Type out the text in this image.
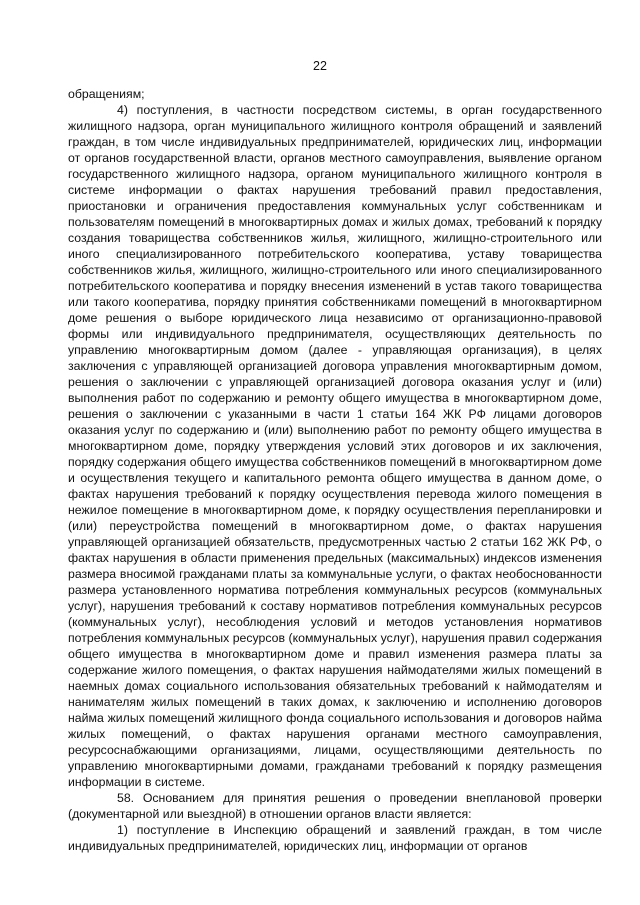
22

обращениям;

4) поступления, в частности посредством системы, в орган государственного жилищного надзора, орган муниципального жилищного контроля обращений и заявлений граждан, в том числе индивидуальных предпринимателей, юридических лиц, информации от органов государственной власти, органов местного самоуправления, выявление органом государственного жилищного надзора, органом муниципального жилищного контроля в системе информации о фактах нарушения требований правил предоставления, приостановки и ограничения предоставления коммунальных услуг собственникам и пользователям помещений в многоквартирных домах и жилых домах, требований к порядку создания товарищества собственников жилья, жилищного, жилищно-строительного или иного специализированного потребительского кооператива, уставу товарищества собственников жилья, жилищного, жилищно-строительного или иного специализированного потребительского кооператива и порядку внесения изменений в устав такого товарищества или такого кооператива, порядку принятия собственниками помещений в многоквартирном доме решения о выборе юридического лица независимо от организационно-правовой формы или индивидуального предпринимателя, осуществляющих деятельность по управлению многоквартирным домом (далее - управляющая организация), в целях заключения с управляющей организацией договора управления многоквартирным домом, решения о заключении с управляющей организацией договора оказания услуг и (или) выполнения работ по содержанию и ремонту общего имущества в многоквартирном доме, решения о заключении с указанными в части 1 статьи 164 ЖК РФ лицами договоров оказания услуг по содержанию и (или) выполнению работ по ремонту общего имущества в многоквартирном доме, порядку утверждения условий этих договоров и их заключения, порядку содержания общего имущества собственников помещений в многоквартирном доме и осуществления текущего и капитального ремонта общего имущества в данном доме, о фактах нарушения требований к порядку осуществления перевода жилого помещения в нежилое помещение в многоквартирном доме, к порядку осуществления перепланировки и (или) переустройства помещений в многоквартирном доме, о фактах нарушения управляющей организацией обязательств, предусмотренных частью 2 статьи 162 ЖК РФ, о фактах нарушения в области применения предельных (максимальных) индексов изменения размера вносимой гражданами платы за коммунальные услуги, о фактах необоснованности размера установленного норматива потребления коммунальных ресурсов (коммунальных услуг), нарушения требований к составу нормативов потребления коммунальных ресурсов (коммунальных услуг), несоблюдения условий и методов установления нормативов потребления коммунальных ресурсов (коммунальных услуг), нарушения правил содержания общего имущества в многоквартирном доме и правил изменения размера платы за содержание жилого помещения, о фактах нарушения наймодателями жилых помещений в наемных домах социального использования обязательных требований к наймодателям и нанимателям жилых помещений в таких домах, к заключению и исполнению договоров найма жилых помещений жилищного фонда социального использования и договоров найма жилых помещений, о фактах нарушения органами местного самоуправления, ресурсоснабжающими организациями, лицами, осуществляющими деятельность по управлению многоквартирными домами, гражданами требований к порядку размещения информации в системе.

58. Основанием для принятия решения о проведении внеплановой проверки (документарной или выездной) в отношении органов власти является:

1) поступление в Инспекцию обращений и заявлений граждан, в том числе индивидуальных предпринимателей, юридических лиц, информации от органов
